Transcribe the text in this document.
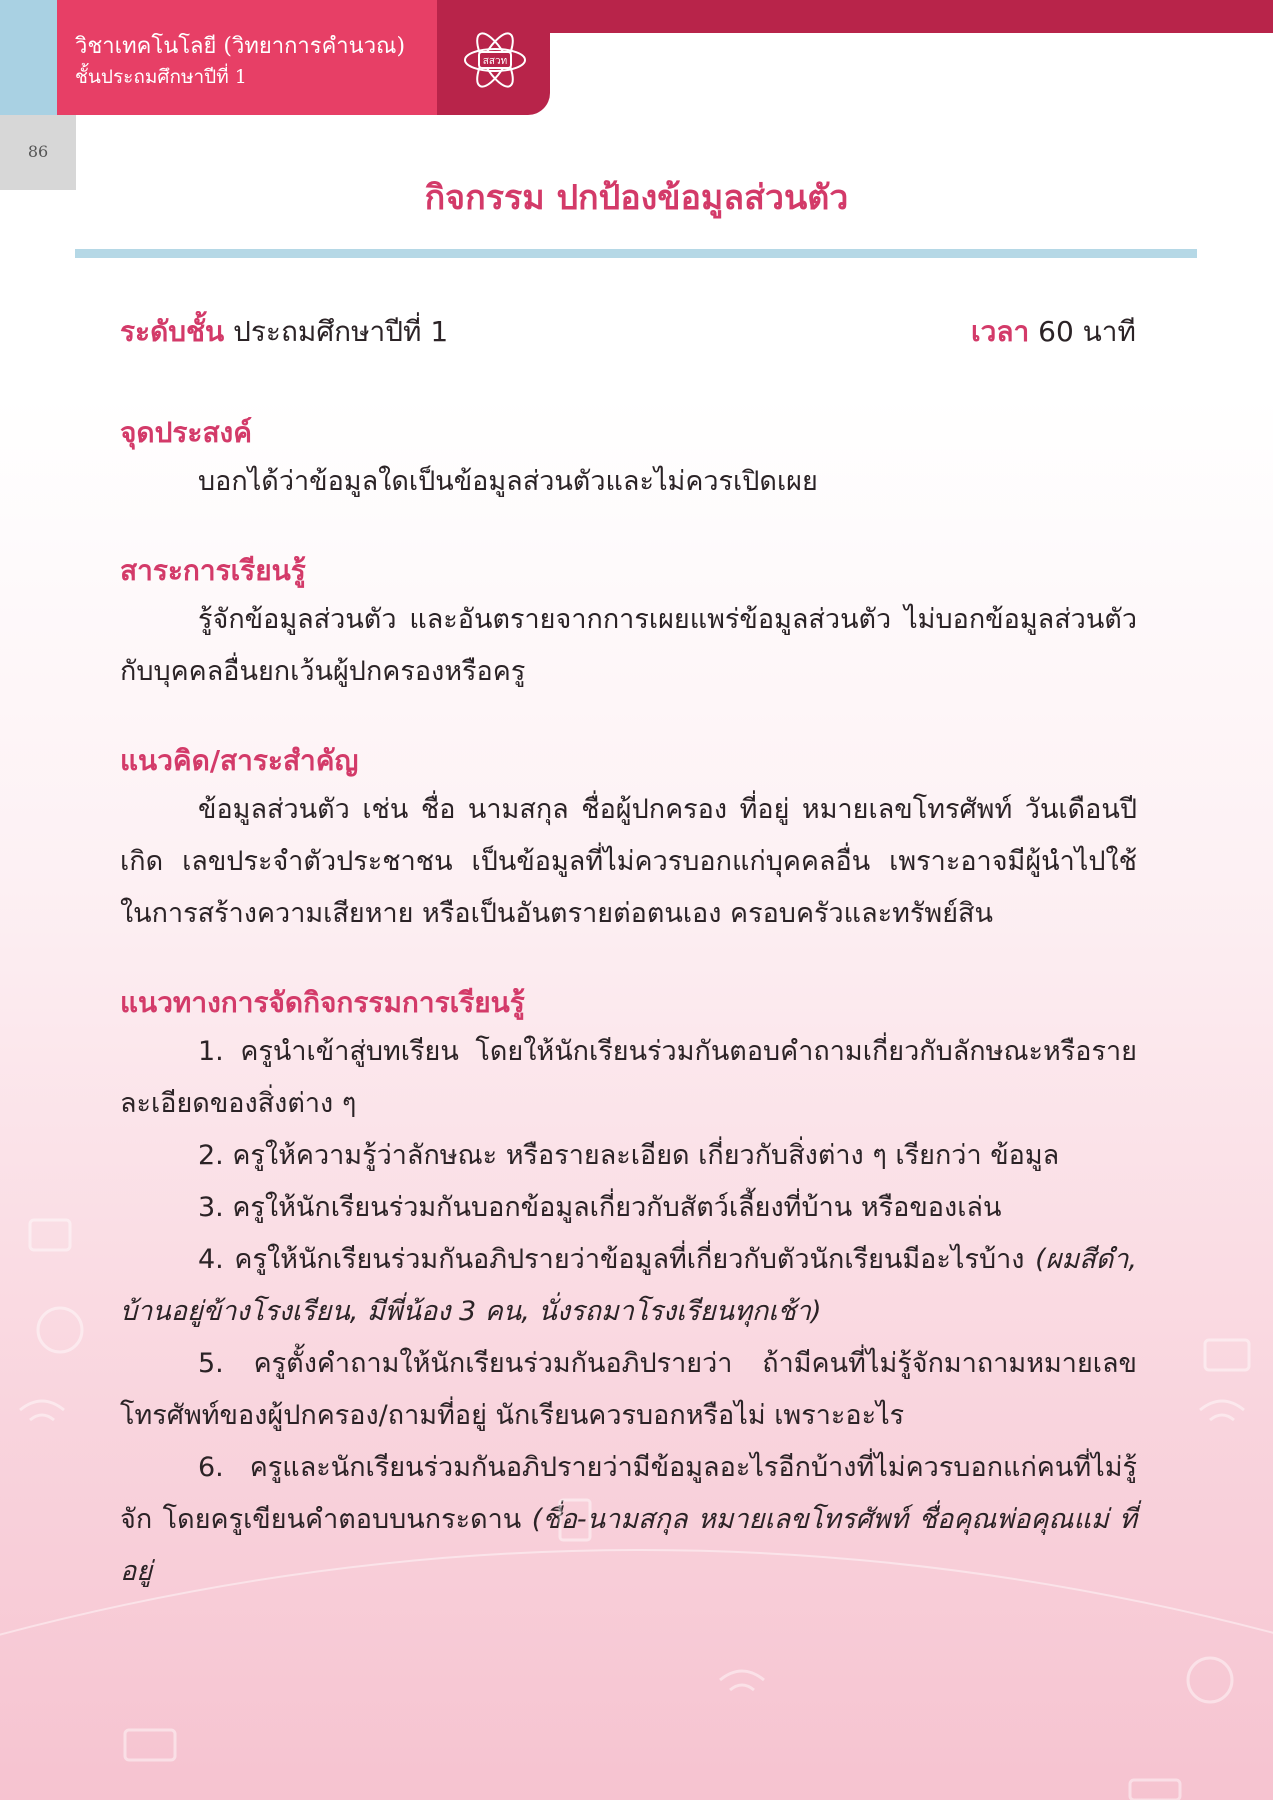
วิชาเทคโนโลยี (วิทยาการคำนวณ)
ชั้นประถมศึกษาปีที่ 1
สสวท
86
กิจกรรม ปกป้องข้อมูลส่วนตัว
ระดับชั้น ประถมศึกษาปีที่ 1	เวลา 60 นาที
จุดประสงค์

บอกได้ว่าข้อมูลใดเป็นข้อมูลส่วนตัวและไม่ควรเปิดเผย

สาระการเรียนรู้

รู้จักข้อมูลส่วนตัว และอันตรายจากการเผยแพร่ข้อมูลส่วนตัว ไม่บอกข้อมูลส่วนตัวกับบุคคลอื่นยกเว้นผู้ปกครองหรือครู

แนวคิด/สาระสำคัญ

ข้อมูลส่วนตัว เช่น ชื่อ นามสกุล ชื่อผู้ปกครอง ที่อยู่ หมายเลขโทรศัพท์ วันเดือนปีเกิด เลขประจำตัวประชาชน เป็นข้อมูลที่ไม่ควรบอกแก่บุคคลอื่น เพราะอาจมีผู้นำไปใช้ในการสร้างความเสียหาย หรือเป็นอันตรายต่อตนเอง ครอบครัวและทรัพย์สิน

แนวทางการจัดกิจกรรมการเรียนรู้

1. ครูนำเข้าสู่บทเรียน โดยให้นักเรียนร่วมกันตอบคำถามเกี่ยวกับลักษณะหรือรายละเอียดของสิ่งต่าง ๆ

2. ครูให้ความรู้ว่าลักษณะ หรือรายละเอียด เกี่ยวกับสิ่งต่าง ๆ เรียกว่า ข้อมูล

3. ครูให้นักเรียนร่วมกันบอกข้อมูลเกี่ยวกับสัตว์เลี้ยงที่บ้าน หรือของเล่น

4. ครูให้นักเรียนร่วมกันอภิปรายว่าข้อมูลที่เกี่ยวกับตัวนักเรียนมีอะไรบ้าง (ผมสีดำ, บ้านอยู่ข้างโรงเรียน, มีพี่น้อง 3 คน, นั่งรถมาโรงเรียนทุกเช้า)

5. ครูตั้งคำถามให้นักเรียนร่วมกันอภิปรายว่า ถ้ามีคนที่ไม่รู้จักมาถามหมายเลขโทรศัพท์ของผู้ปกครอง/ถามที่อยู่ นักเรียนควรบอกหรือไม่ เพราะอะไร

6. ครูและนักเรียนร่วมกันอภิปรายว่ามีข้อมูลอะไรอีกบ้างที่ไม่ควรบอกแก่คนที่ไม่รู้จัก โดยครูเขียนคำตอบบนกระดาน (ชื่อ-นามสกุล หมายเลขโทรศัพท์ ชื่อคุณพ่อคุณแม่ ที่อยู่
